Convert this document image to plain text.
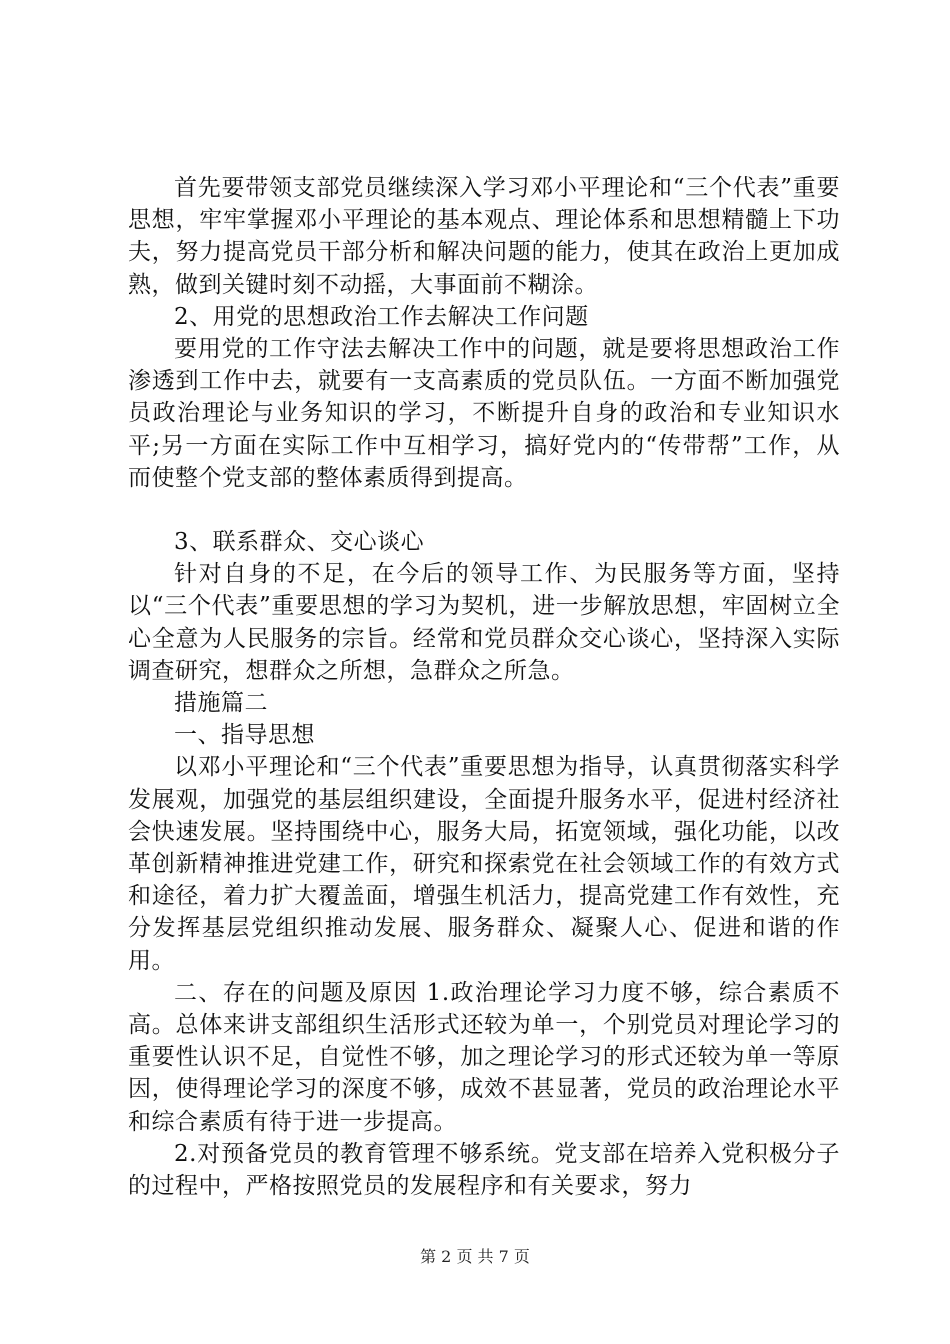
首先要带领支部党员继续深入学习邓小平理论和“三个代表”重要思想，牢牢掌握邓小平理论的基本观点、理论体系和思想精髓上下功夫，努力提高党员干部分析和解决问题的能力，使其在政治上更加成熟，做到关键时刻不动摇，大事面前不糊涂。

2、用党的思想政治工作去解决工作问题

要用党的工作守法去解决工作中的问题，就是要将思想政治工作渗透到工作中去，就要有一支高素质的党员队伍。一方面不断加强党员政治理论与业务知识的学习，不断提升自身的政治和专业知识水平;另一方面在实际工作中互相学习，搞好党内的“传带帮”工作，从而使整个党支部的整体素质得到提高。

3、联系群众、交心谈心

针对自身的不足，在今后的领导工作、为民服务等方面，坚持以“三个代表”重要思想的学习为契机，进一步解放思想，牢固树立全心全意为人民服务的宗旨。经常和党员群众交心谈心，坚持深入实际调查研究，想群众之所想，急群众之所急。

措施篇二

一、指导思想

以邓小平理论和“三个代表”重要思想为指导，认真贯彻落实科学发展观，加强党的基层组织建设，全面提升服务水平，促进村经济社会快速发展。坚持围绕中心，服务大局，拓宽领域，强化功能，以改革创新精神推进党建工作，研究和探索党在社会领域工作的有效方式和途径，着力扩大覆盖面，增强生机活力，提高党建工作有效性，充分发挥基层党组织推动发展、服务群众、凝聚人心、促进和谐的作用。

二、存在的问题及原因 1.政治理论学习力度不够，综合素质不高。总体来讲支部组织生活形式还较为单一，个别党员对理论学习的重要性认识不足，自觉性不够，加之理论学习的形式还较为单一等原因，使得理论学习的深度不够，成效不甚显著，党员的政治理论水平和综合素质有待于进一步提高。

2.对预备党员的教育管理不够系统。党支部在培养入党积极分子的过程中，严格按照党员的发展程序和有关要求，努力

第 2 页 共 7 页
